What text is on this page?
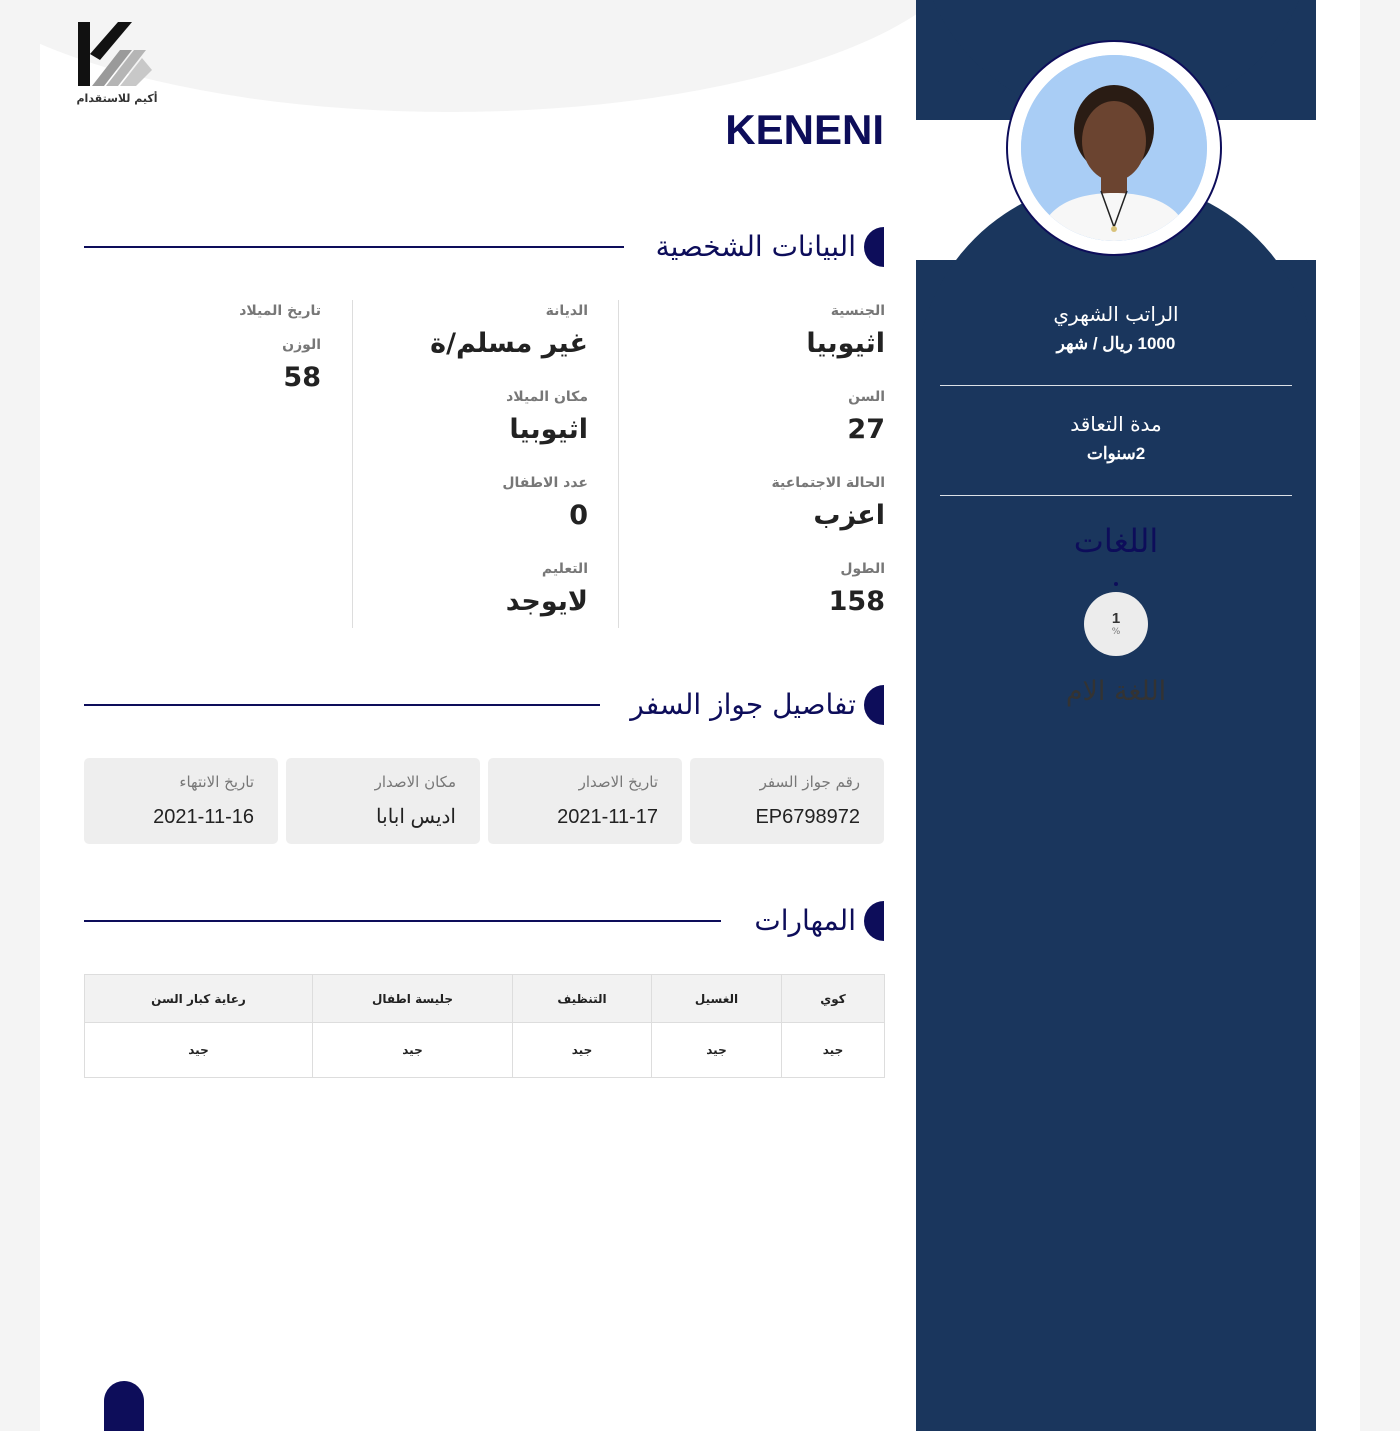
أكيم للاستقدام
الراتب الشهري
1000 ريال / شهر
مدة التعاقد
2سنوات
اللغات
1
%
اللغة الام
KENENI
البيانات الشخصية
الجنسية
اثيوبيا
السن
27
الحالة الاجتماعية
اعزب
الطول
158
الديانة
غير مسلم/ة
مكان الميلاد
اثيوبيا
عدد الاطفال
0
التعليم
لايوجد
تاريخ الميلاد
الوزن
58
تفاصيل جواز السفر
رقم جواز السفر
EP6798972
تاريخ الاصدار
2021-11-17
مكان الاصدار
اديس ابابا
تاريخ الانتهاء
2021-11-16
المهارات
كوي	الغسيل	التنظيف	جليسة اطفال	رعاية كبار السن
جيد	جيد	جيد	جيد	جيد
